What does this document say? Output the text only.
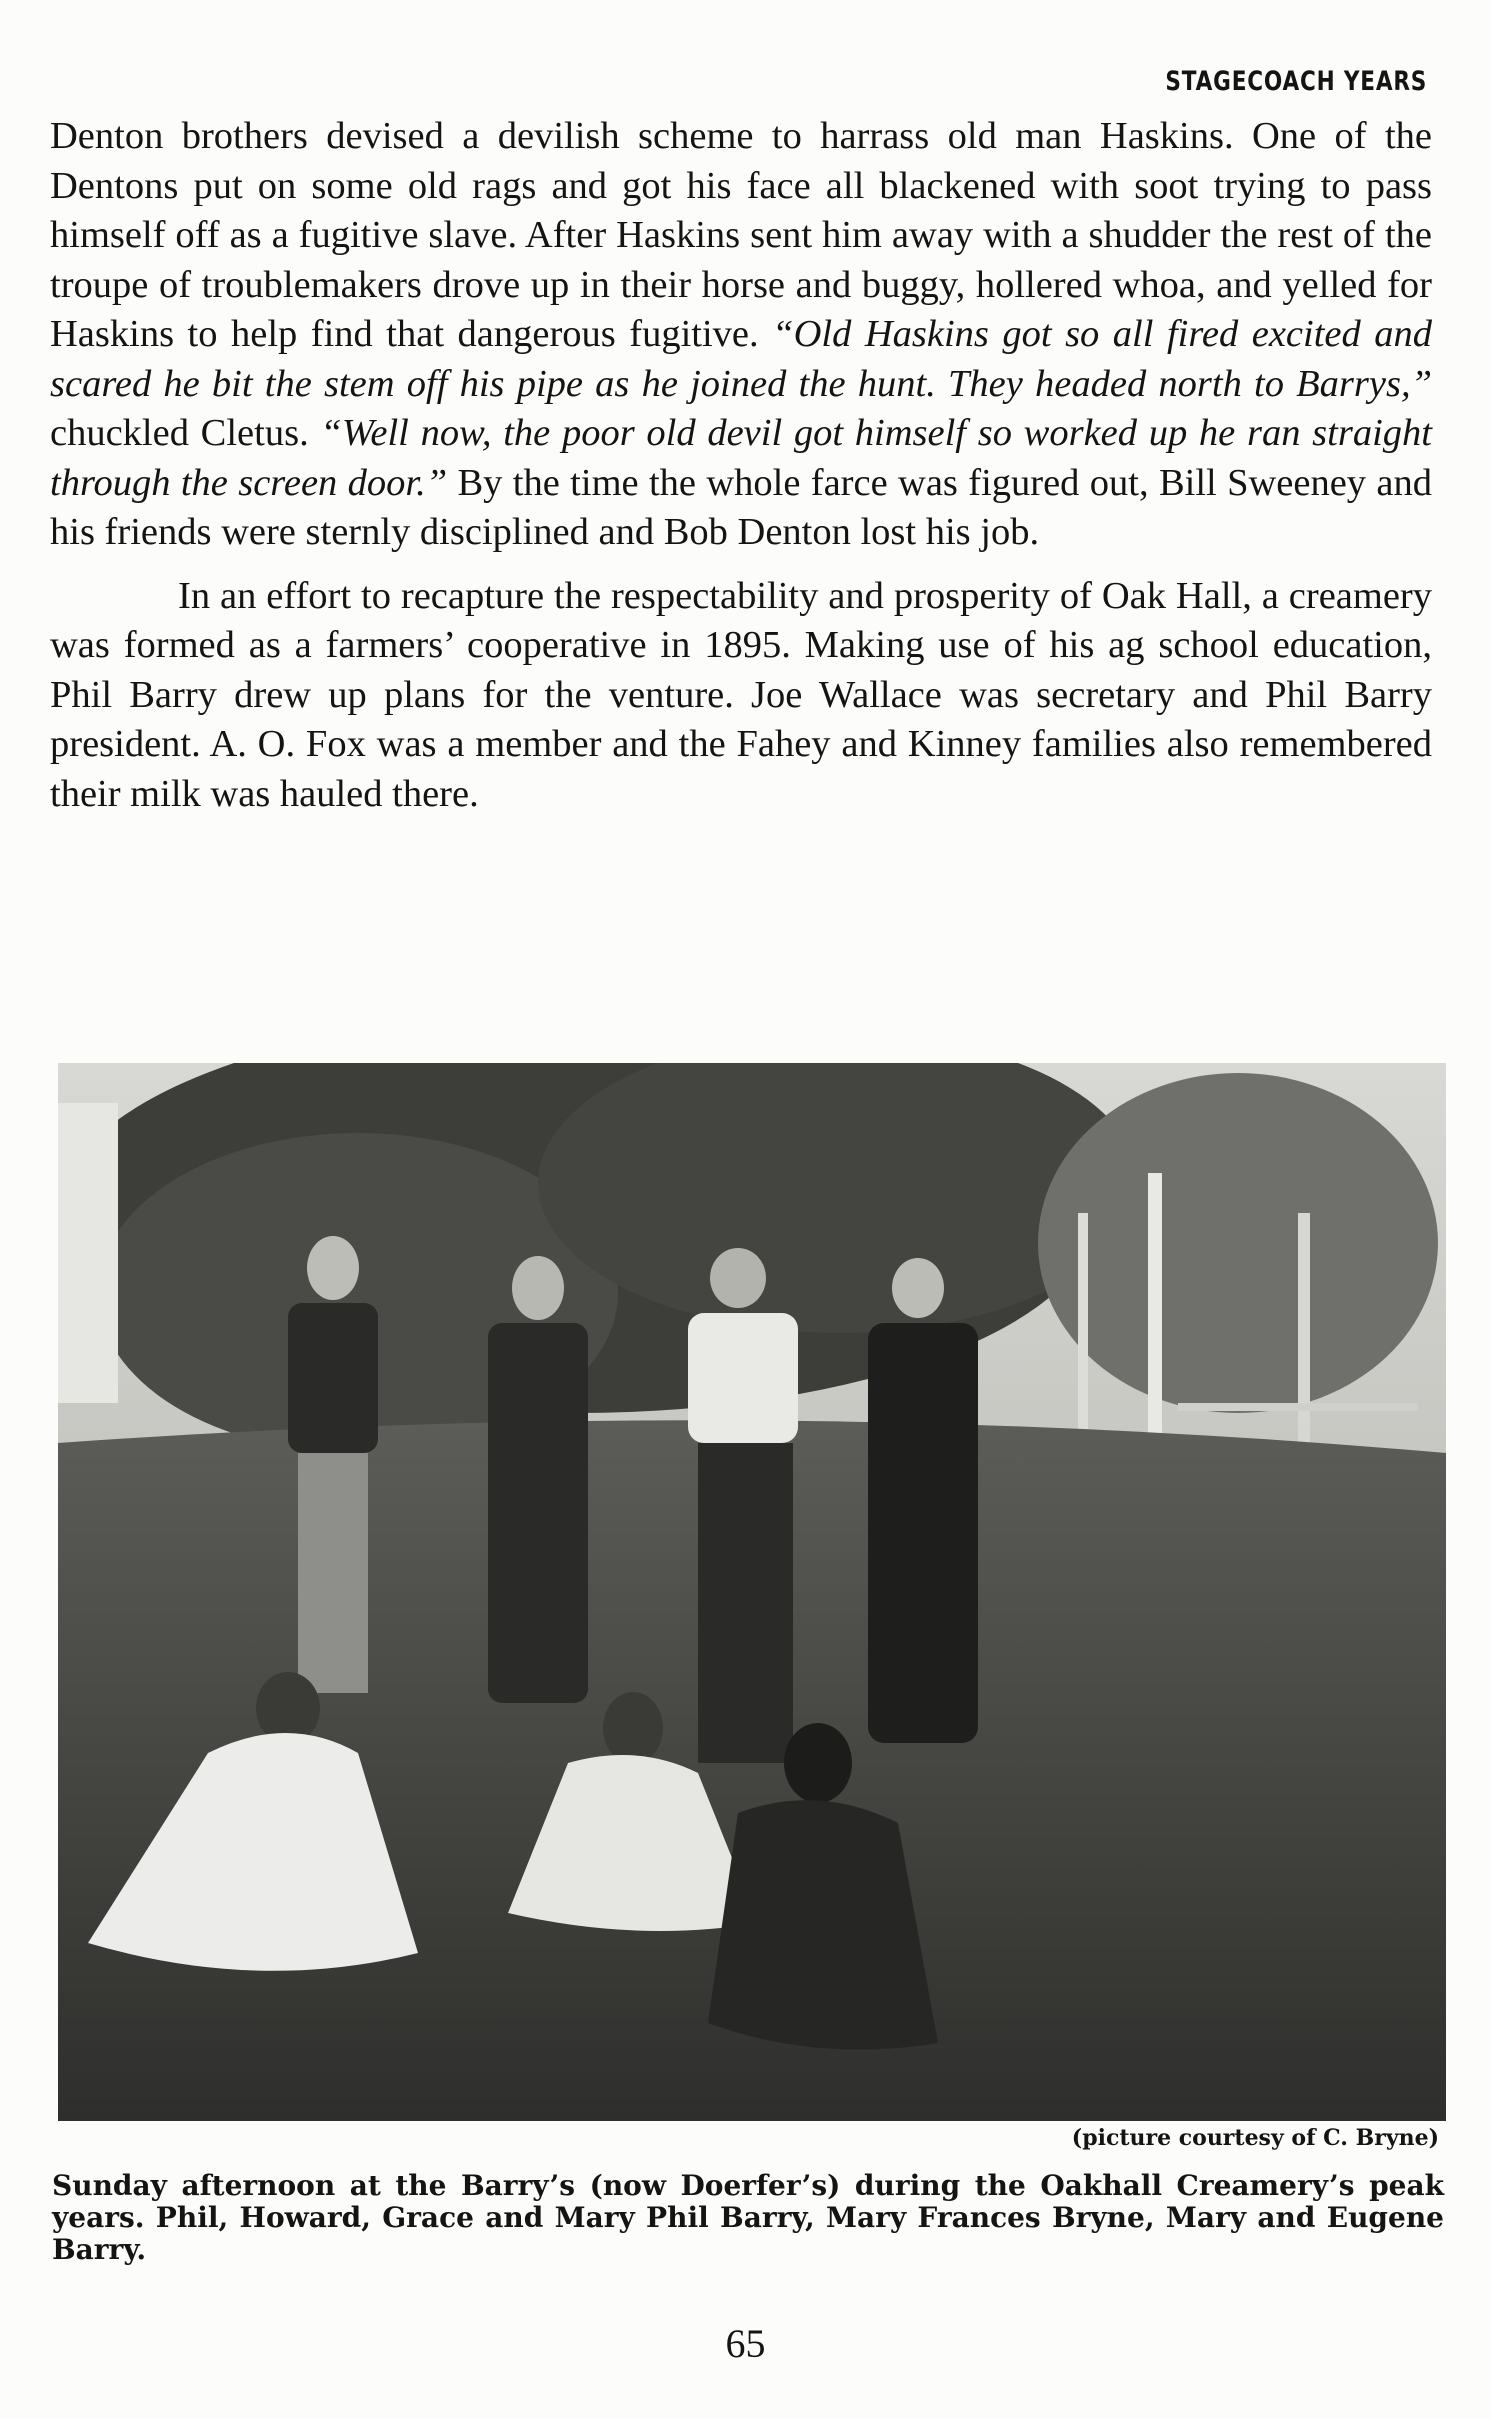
STAGECOACH YEARS

Denton brothers devised a devilish scheme to harrass old man Haskins. One of the Dentons put on some old rags and got his face all blackened with soot trying to pass himself off as a fugitive slave. After Haskins sent him away with a shudder the rest of the troupe of troublemakers drove up in their horse and buggy, hollered whoa, and yelled for Haskins to help find that dangerous fugitive. “Old Haskins got so all fired excited and scared he bit the stem off his pipe as he joined the hunt. They headed north to Barrys,” chuckled Cletus. “Well now, the poor old devil got himself so worked up he ran straight through the screen door.” By the time the whole farce was figured out, Bill Sweeney and his friends were sternly disciplined and Bob Denton lost his job.

In an effort to recapture the respectability and prosperity of Oak Hall, a creamery was formed as a farmers’ cooperative in 1895. Making use of his ag school education, Phil Barry drew up plans for the venture. Joe Wallace was secretary and Phil Barry president. A. O. Fox was a member and the Fahey and Kinney families also remembered their milk was hauled there.

(picture courtesy of C. Bryne)
Sunday afternoon at the Barry’s (now Doerfer’s) during the Oakhall Creamery’s peak years. Phil, Howard, Grace and Mary Phil Barry, Mary Frances Bryne, Mary and Eugene Barry.
65
